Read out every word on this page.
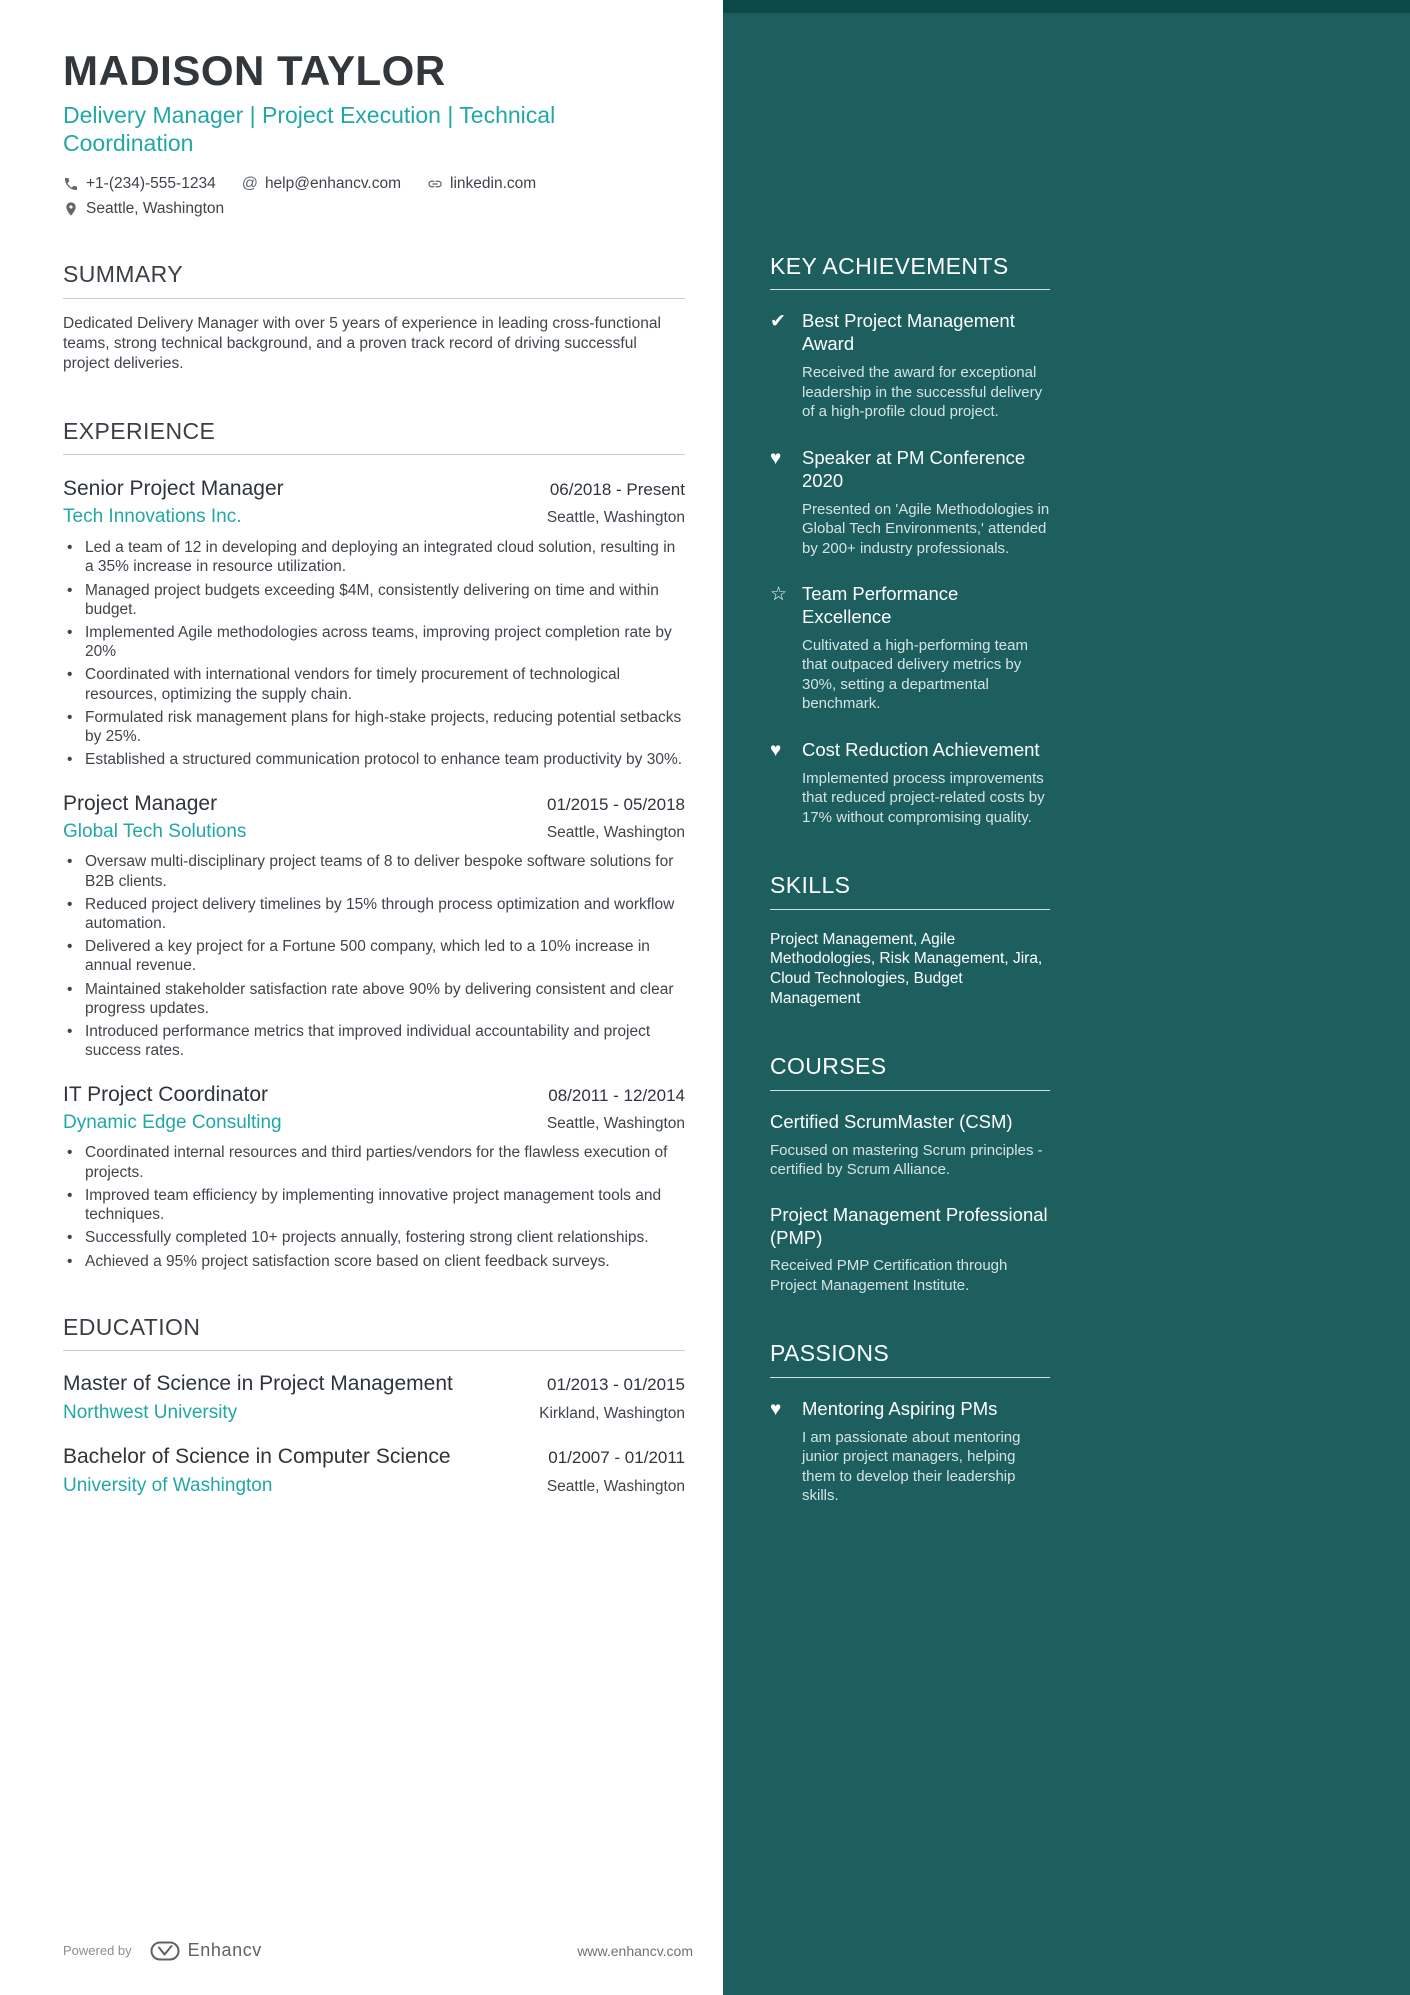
KEY ACHIEVEMENTS
✔ Best Project Management Award
Received the award for exceptional leadership in the successful delivery of a high-profile cloud project.
♥	Speaker at PM Conference 2020
Presented on 'Agile Methodologies in Global Tech Environments,' attended by 200+ industry professionals.
☆ Team Performance Excellence
Cultivated a high-performing team that outpaced delivery metrics by 30%, setting a departmental benchmark.
♥	Cost Reduction Achievement
Implemented process improvements that reduced project-related costs by 17% without compromising quality.
SKILLS
Project Management, Agile Methodologies, Risk Management, Jira, Cloud Technologies, Budget Management
COURSES
Certified ScrumMaster (CSM)
Focused on mastering Scrum principles - certified by Scrum Alliance.
Project Management Professional (PMP)
Received PMP Certification through Project Management Institute.
PASSIONS
♥	Mentoring Aspiring PMs
I am passionate about mentoring junior project managers, helping them to develop their leadership skills.
MADISON TAYLOR
Delivery Manager | Project Execution | Technical Coordination
+1-(234)-555-1234 @ help@enhancv.com	linkedin.com
Seattle, Washington
SUMMARY

Dedicated Delivery Manager with over 5 years of experience in leading cross-functional teams, strong technical background, and a proven track record of driving successful project deliveries.

EXPERIENCE
Senior Project Manager	06/2018 - Present
Tech Innovations Inc.	Seattle, Washington
• Led a team of 12 in developing and deploying an integrated cloud solution, resulting in a 35% increase in resource utilization.
• Managed project budgets exceeding $4M, consistently delivering on time and within budget.
• Implemented Agile methodologies across teams, improving project completion rate by 20%
• Coordinated with international vendors for timely procurement of technological resources, optimizing the supply chain.
• Formulated risk management plans for high-stake projects, reducing potential setbacks by 25%.
• Established a structured communication protocol to enhance team productivity by 30%.
Project Manager	01/2015 - 05/2018
Global Tech Solutions	Seattle, Washington
• Oversaw multi-disciplinary project teams of 8 to deliver bespoke software solutions for B2B clients.
• Reduced project delivery timelines by 15% through process optimization and workflow automation.
• Delivered a key project for a Fortune 500 company, which led to a 10% increase in annual revenue.
• Maintained stakeholder satisfaction rate above 90% by delivering consistent and clear progress updates.
• Introduced performance metrics that improved individual accountability and project success rates.
IT Project Coordinator	08/2011 - 12/2014
Dynamic Edge Consulting	Seattle, Washington
• Coordinated internal resources and third parties/vendors for the flawless execution of projects.
• Improved team efficiency by implementing innovative project management tools and techniques.
• Successfully completed 10+ projects annually, fostering strong client relationships.
• Achieved a 95% project satisfaction score based on client feedback surveys.
EDUCATION
Master of Science in Project Management	01/2013 - 01/2015
Northwest University	Kirkland, Washington
Bachelor of Science in Computer Science	01/2007 - 01/2011
University of Washington	Seattle, Washington
Powered by	Enhancv	www.enhancv.com
